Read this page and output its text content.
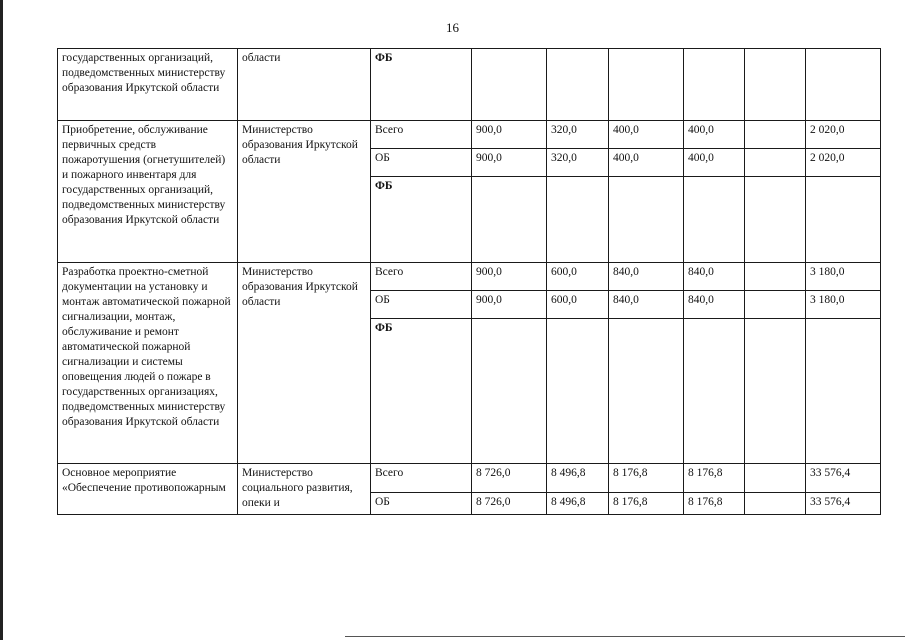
16
государственных организаций, подведомственных министерству образования Иркутской области	области	ФБ						
Приобретение, обслуживание первичных средств пожаротушения (огнетушителей) и пожарного инвентаря для государственных организаций, подведомственных министерству образования Иркутской области	Министерство образования Иркутской области	Всего	900,0	320,0	400,0	400,0		2 020,0
		ОБ	900,0	320,0	400,0	400,0		2 020,0
		ФБ						
Разработка проектно-сметной документации на установку и монтаж автоматической пожарной сигнализации, монтаж, обслуживание и ремонт автоматической пожарной сигнализации и системы оповещения людей о пожаре в государственных организациях, подведомственных министерству образования Иркутской области	Министерство образования Иркутской области	Всего	900,0	600,0	840,0	840,0		3 180,0
		ОБ	900,0	600,0	840,0	840,0		3 180,0
		ФБ						
Основное мероприятие «Обеспечение противопожарным	Министерство социального развития, опеки и	Всего	8 726,0	8 496,8	8 176,8	8 176,8		33 576,4
		ОБ	8 726,0	8 496,8	8 176,8	8 176,8		33 576,4
